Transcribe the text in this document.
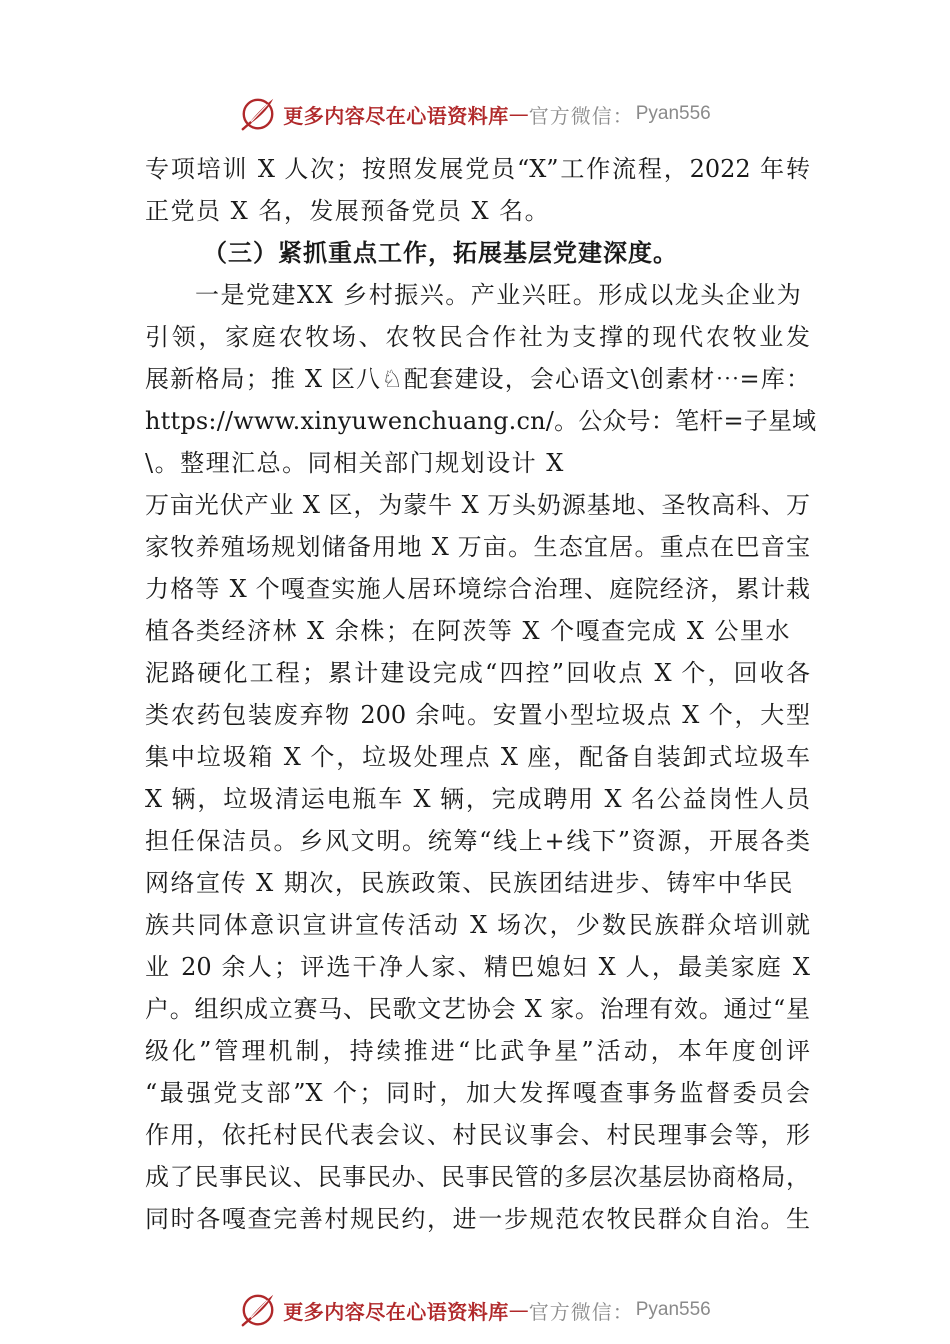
更多内容尽在心语资料库 — 官方微信： Pyan556
专项培训 X 人次；按照发展党员“X”工作流程，2022 年转
正党员 X 名，发展预备党员 X 名。
（三）紧抓重点工作，拓展基层党建深度。
一是党建XX 乡村振兴。产业兴旺。形成以龙头企业为
引领，家庭农牧场、农牧民合作社为支撑的现代农牧业发
展新格局；推 X 区八♘配套建设，会心语文\创素材⋯=库：
https://www.xinyuwenchuang.cn/。公众号：笔杆=子星域
\。整理汇总。同相关部门规划设计 X
万亩光伏产业 X 区，为蒙牛 X 万头奶源基地、圣牧高科、万
家牧养殖场规划储备用地 X 万亩。生态宜居。重点在巴音宝
力格等 X 个嘎查实施人居环境综合治理、庭院经济，累计栽
植各类经济林 X 余株；在阿茨等 X 个嘎查完成 X 公里水
泥路硬化工程；累计建设完成“四控”回收点 X 个，回收各
类农药包装废弃物 200 余吨。安置小型垃圾点 X 个，大型
集中垃圾箱 X 个，垃圾处理点 X 座，配备自装卸式垃圾车
X 辆，垃圾清运电瓶车 X 辆，完成聘用 X 名公益岗性人员
担任保洁员。乡风文明。统筹“线上+线下”资源，开展各类
网络宣传 X 期次，民族政策、民族团结进步、铸牢中华民
族共同体意识宣讲宣传活动 X 场次，少数民族群众培训就
业 20 余人；评选干净人家、精巴媳妇 X 人，最美家庭 X
户。组织成立赛马、民歌文艺协会 X 家。治理有效。通过“星
级化”管理机制，持续推进“比武争星”活动，本年度创评
“最强党支部”X 个；同时，加大发挥嘎查事务监督委员会
作用，依托村民代表会议、村民议事会、村民理事会等，形
成了民事民议、民事民办、民事民管的多层次基层协商格局，
同时各嘎查完善村规民约，进一步规范农牧民群众自治。生
更多内容尽在心语资料库 — 官方微信： Pyan556
